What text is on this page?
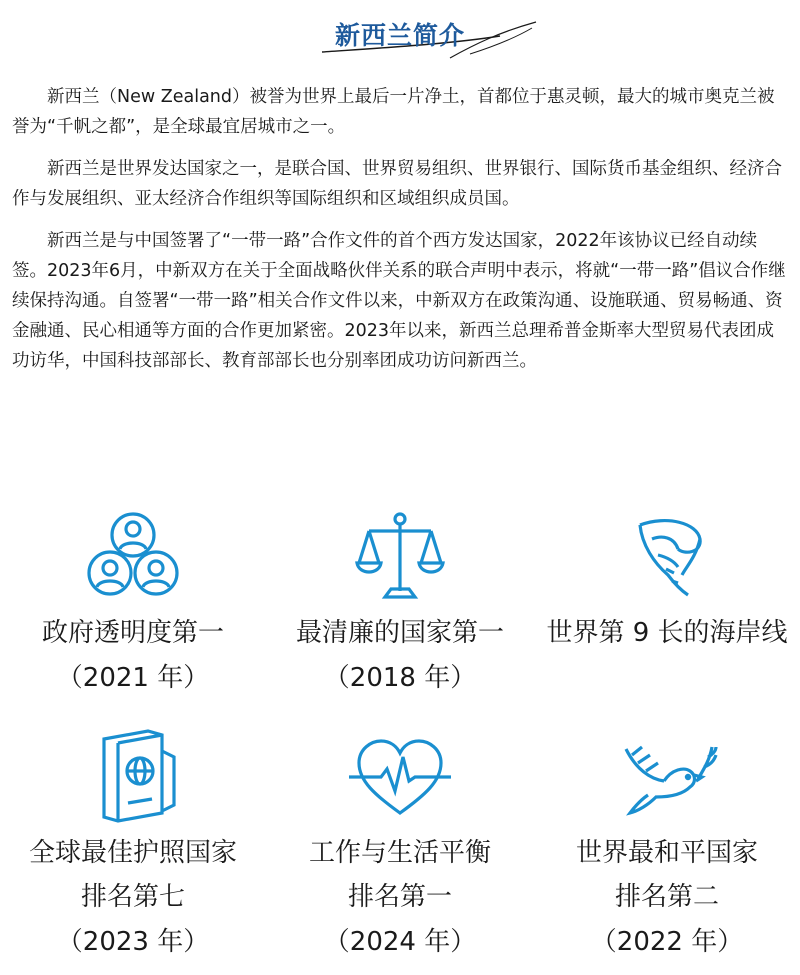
新西兰简介

新西兰（New Zealand）被誉为世界上最后一片净土，首都位于惠灵顿，最大的城市奥克兰被誉为“千帆之都”，是全球最宜居城市之一。

新西兰是世界发达国家之一，是联合国、世界贸易组织、世界银行、国际货币基金组织、经济合作与发展组织、亚太经济合作组织等国际组织和区域组织成员国。

新西兰是与中国签署了“一带一路”合作文件的首个西方发达国家，2022年该协议已经自动续签。2023年6月，中新双方在关于全面战略伙伴关系的联合声明中表示，将就“一带一路”倡议合作继续保持沟通。自签署“一带一路”相关合作文件以来，中新双方在政策沟通、设施联通、贸易畅通、资金融通、民心相通等方面的合作更加紧密。2023年以来，新西兰总理希普金斯率大型贸易代表团成功访华，中国科技部部长、教育部部长也分别率团成功访问新西兰。

政府透明度第一
（2021 年）
最清廉的国家第一
（2018 年）
世界第 9 长的海岸线
全球最佳护照国家
排名第七
（2023 年）
工作与生活平衡
排名第一
（2024 年）
世界最和平国家
排名第二
（2022 年）
